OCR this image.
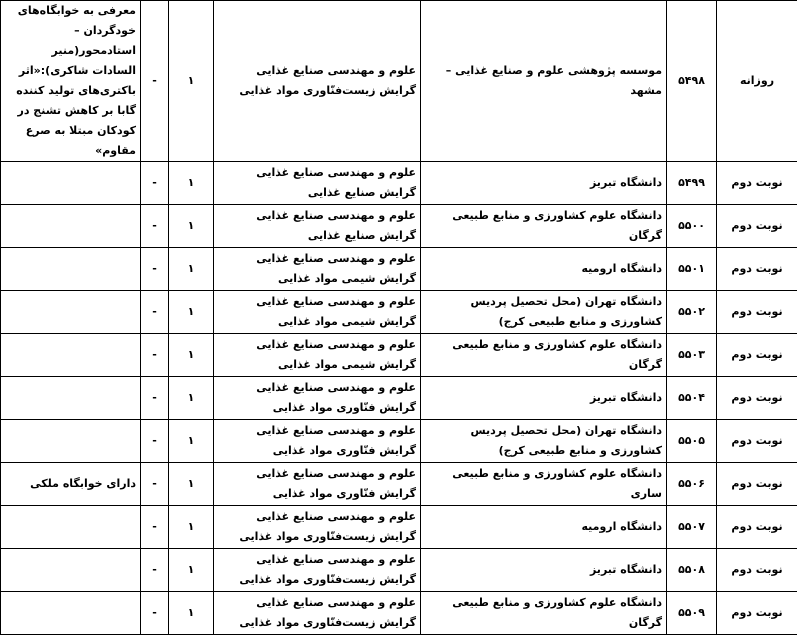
روزانه	۵۴۹۸	موسسه پژوهشی علوم و صنایع غذایی – مشهد	علوم و مهندسی صنایع غذایی گرایش زیست‌فنّاوری مواد غذایی	۱	-	معرفی به خوابگاه‌های خودگردان – استادمحور(منیر السادات شاکری):«اثر باکتری‌های تولید کننده گابا بر کاهش تشنج در کودکان مبتلا به صرع مقاوم»
نوبت دوم	۵۴۹۹	دانشگاه تبریز	علوم و مهندسی صنایع غذایی گرایش صنایع غذایی	۱	-	
نوبت دوم	۵۵۰۰	دانشگاه علوم کشاورزی و منابع طبیعی گرگان	علوم و مهندسی صنایع غذایی گرایش صنایع غذایی	۱	-	
نوبت دوم	۵۵۰۱	دانشگاه ارومیه	علوم و مهندسی صنایع غذایی گرایش شیمی مواد غذایی	۱	-	
نوبت دوم	۵۵۰۲	دانشگاه تهران (محل تحصیل پردیس کشاورزی و منابع طبیعی کرج)	علوم و مهندسی صنایع غذایی گرایش شیمی مواد غذایی	۱	-	
نوبت دوم	۵۵۰۳	دانشگاه علوم کشاورزی و منابع طبیعی گرگان	علوم و مهندسی صنایع غذایی گرایش شیمی مواد غذایی	۱	-	
نوبت دوم	۵۵۰۴	دانشگاه تبریز	علوم و مهندسی صنایع غذایی گرایش فنّاوری مواد غذایی	۱	-	
نوبت دوم	۵۵۰۵	دانشگاه تهران (محل تحصیل پردیس کشاورزی و منابع طبیعی کرج)	علوم و مهندسی صنایع غذایی گرایش فنّاوری مواد غذایی	۱	-	
نوبت دوم	۵۵۰۶	دانشگاه علوم کشاورزی و منابع طبیعی ساری	علوم و مهندسی صنایع غذایی گرایش فنّاوری مواد غذایی	۱	-	دارای خوابگاه ملکی
نوبت دوم	۵۵۰۷	دانشگاه ارومیه	علوم و مهندسی صنایع غذایی گرایش زیست‌فنّاوری مواد غذایی	۱	-	
نوبت دوم	۵۵۰۸	دانشگاه تبریز	علوم و مهندسی صنایع غذایی گرایش زیست‌فنّاوری مواد غذایی	۱	-	
نوبت دوم	۵۵۰۹	دانشگاه علوم کشاورزی و منابع طبیعی گرگان	علوم و مهندسی صنایع غذایی گرایش زیست‌فنّاوری مواد غذایی	۱	-	
